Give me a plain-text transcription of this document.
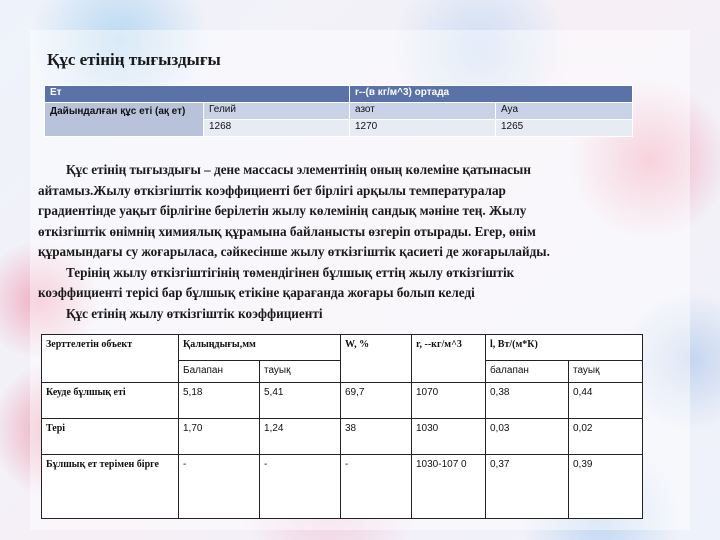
Құс етінің тығыздығы
Ет		r--(в кг/м^3) ортада	
Дайындалған құс еті (ақ ет)	Гелий	азот	Ауа
	1268	1270	1265
Құс етінің тығыздығы – дене массасы элементінің оның көлеміне қатынасын
айтамыз.Жылу өткізгіштік коэффициенті бет бірлігі арқылы температуралар
градиентінде уақыт бірлігіне берілетін жылу көлемінің сандық мәніне тең. Жылу
өткізгіштік өнімнің химиялық құрамына байланысты өзгеріп отырады. Егер, өнім
құрамындағы су жоғарыласа, сәйкесінше жылу өткізгіштік қасиеті де жоғарылайды.
Терінің жылу өткізгіштігінің төмендігінен бұлшық еттің жылу өткізгіштік
коэффициенті терісі бар бұлшық етікіне қарағанда жоғары болып келеді
Құс етінің жылу өткізгіштік коэффициенті
Зерттелетін объект	Қалыңдығы,мм		W, %	r, --кг/м^3	l, Вт/(м*К)	
	Балапан	тауық			балапан	тауық
Кеуде бұлшық еті	5,18	5,41	69,7	1070	0,38	0,44
Тері	1,70	1,24	38	1030	0,03	0,02
Бұлшық ет терімен бірге	-	-	-	1030-107 0	0,37	0,39
